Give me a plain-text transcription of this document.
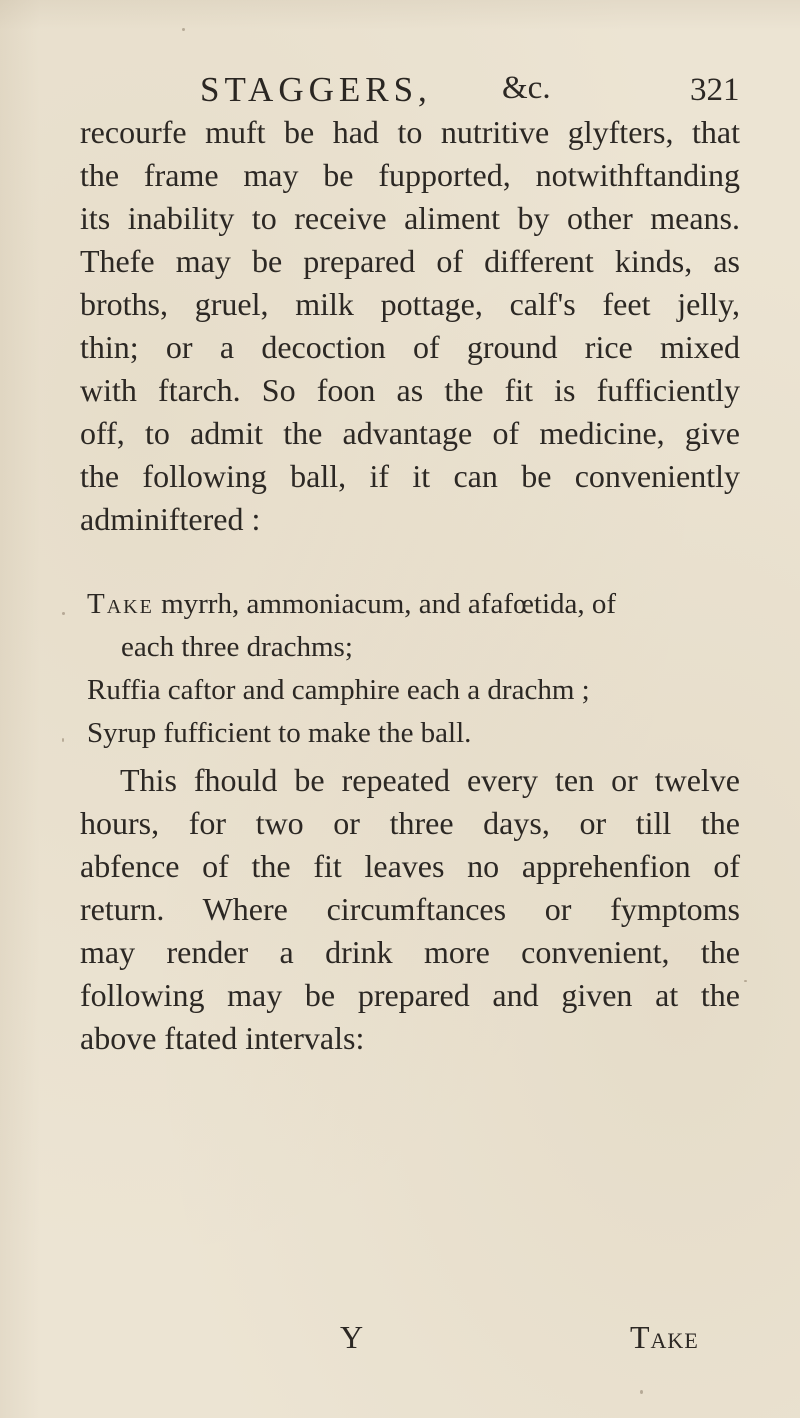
STAGGERS, &c.	321
recourfe muft be had to nutritive glyfters, that
the frame may be fupported, notwithftanding
its inability to receive aliment by other means.
Thefe may be prepared of different kinds, as
broths, gruel, milk pottage, calf's feet jelly,
thin; or a decoction of ground rice mixed
with ftarch. So foon as the fit is fufficiently
off, to admit the advantage of medicine, give
the following ball, if it can be conveniently
adminiftered :
Take myrrh, ammoniacum, and afafœtida, of
each three drachms;
Ruffia caftor and camphire each a drachm ;
Syrup fufficient to make the ball.
This fhould be repeated every ten or twelve
hours, for two or three days, or till the
abfence of the fit leaves no apprehenfion of
return. Where circumftances or fymptoms
may render a drink more convenient, the
following may be prepared and given at the
above ftated intervals:
Y	Take
